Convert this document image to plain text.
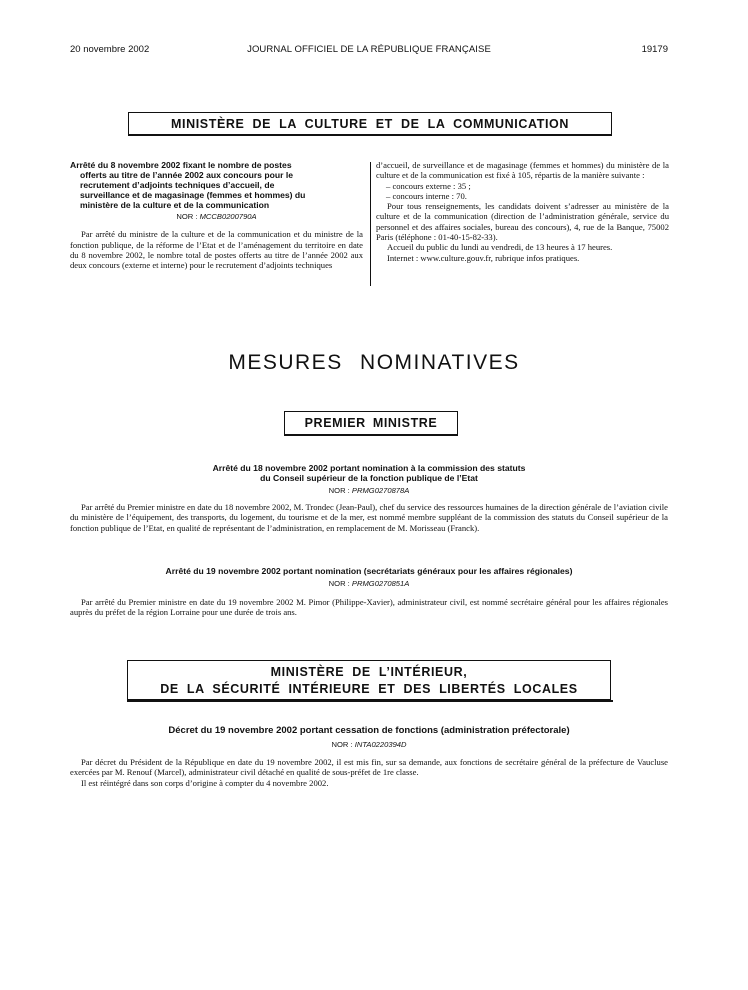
20 novembre 2002	JOURNAL OFFICIEL DE LA RÉPUBLIQUE FRANÇAISE	19179
MINISTÈRE DE LA CULTURE ET DE LA COMMUNICATION
Arrêté du 8 novembre 2002 fixant le nombre de postes
offerts au titre de l’année 2002 aux concours pour le
recrutement d’adjoints techniques d’accueil, de
surveillance et de magasinage (femmes et hommes) du
ministère de la culture et de la communication
NOR : MCCB0200790A

Par arrêté du ministre de la culture et de la communication et du ministre de la fonction publique, de la réforme de l’Etat et de l’aménagement du territoire en date du 8 novembre 2002, le nombre total de postes offerts au titre de l’année 2002 aux deux concours (externe et interne) pour le recrutement d’adjoints techniques

d’accueil, de surveillance et de magasinage (femmes et hommes) du ministère de la culture et de la communication est fixé à 105, répartis de la manière suivante :

– concours externe : 35 ;

– concours interne : 70.

Pour tous renseignements, les candidats doivent s’adresser au ministère de la culture et de la communication (direction de l’administration générale, service du personnel et des affaires sociales, bureau des concours), 4, rue de la Banque, 75002 Paris (téléphone : 01-40-15-82-33).

Accueil du public du lundi au vendredi, de 13 heures à 17 heures.

Internet : www.culture.gouv.fr, rubrique infos pratiques.

MESURES NOMINATIVES
PREMIER MINISTRE
Arrêté du 18 novembre 2002 portant nomination à la commission des statuts
du Conseil supérieur de la fonction publique de l’Etat
NOR : PRMG0270878A

Par arrêté du Premier ministre en date du 18 novembre 2002, M. Trondec (Jean-Paul), chef du service des ressources humaines de la direction générale de l’aviation civile du ministère de l’équipement, des transports, du logement, du tourisme et de la mer, est nommé membre suppléant de la commission des statuts du Conseil supérieur de la fonction publique de l’Etat, en qualité de représentant de l’administration, en remplacement de M. Morisseau (Franck).

Arrêté du 19 novembre 2002 portant nomination (secrétariats généraux pour les affaires régionales)
NOR : PRMG0270851A

Par arrêté du Premier ministre en date du 19 novembre 2002 M. Pimor (Philippe-Xavier), administrateur civil, est nommé secrétaire général pour les affaires régionales auprès du préfet de la région Lorraine pour une durée de trois ans.

MINISTÈRE DE L’INTÉRIEUR,
DE LA SÉCURITÉ INTÉRIEURE ET DES LIBERTÉS LOCALES
Décret du 19 novembre 2002 portant cessation de fonctions (administration préfectorale)
NOR : INTA0220394D

Par décret du Président de la République en date du 19 novembre 2002, il est mis fin, sur sa demande, aux fonctions de secrétaire général de la préfecture de Vaucluse exercées par M. Renouf (Marcel), administrateur civil détaché en qualité de sous-préfet de 1re classe.

Il est réintégré dans son corps d’origine à compter du 4 novembre 2002.
